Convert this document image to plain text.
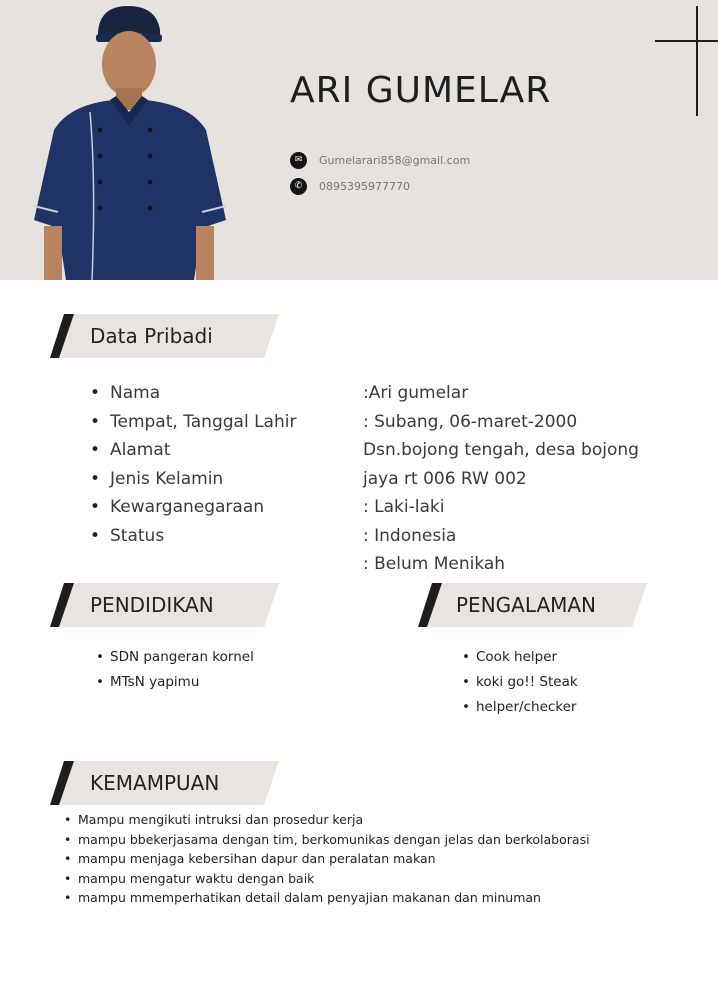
ARI GUMELAR
✉	Gumelarari858@gmail.com
✆	0895395977770
Data Pribadi
• Nama
• Tempat, Tanggal Lahir
• Alamat
• Jenis Kelamin
• Kewarganegaraan
• Status
:Ari gumelar
: Subang, 06-maret-2000
Dsn.bojong tengah, desa bojong
jaya rt 006 RW 002
: Laki-laki
: Indonesia
: Belum Menikah
PENDIDIKAN
• SDN pangeran kornel
• MTsN yapimu
PENGALAMAN
• Cook helper
• koki go!! Steak
• helper/checker
KEMAMPUAN
• Mampu mengikuti intruksi dan prosedur kerja
• mampu bbekerjasama dengan tim, berkomunikas dengan jelas dan berkolaborasi
• mampu menjaga kebersihan dapur dan peralatan makan
• mampu mengatur waktu dengan baik
• mampu mmemperhatikan detail dalam penyajian makanan dan minuman
